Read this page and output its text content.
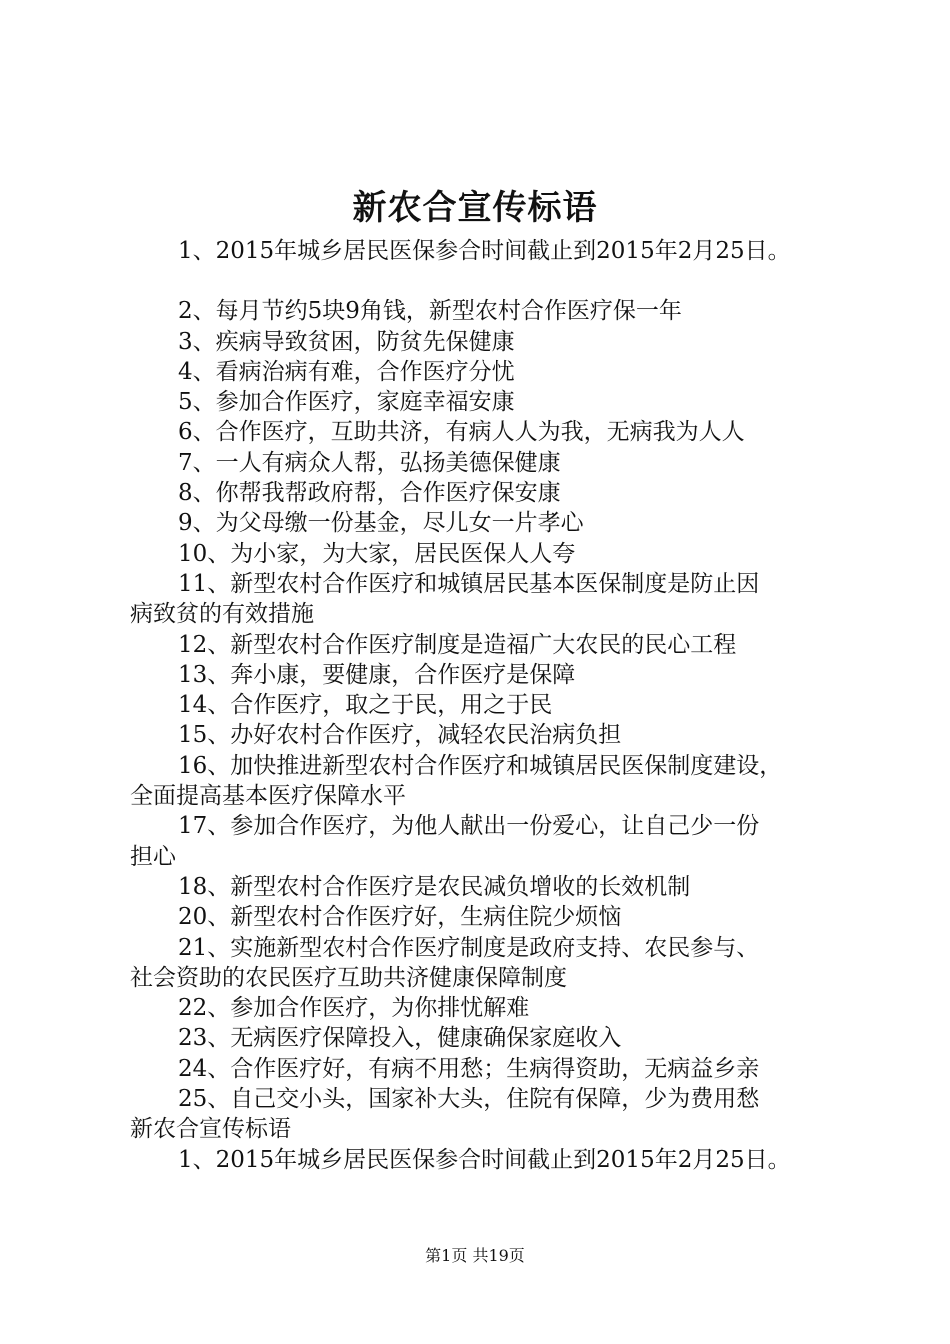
新农合宣传标语
1、2015年城乡居民医保参合时间截止到2015年2月25日。
2、每月节约5块9角钱，新型农村合作医疗保一年
3、疾病导致贫困，防贫先保健康
4、看病治病有难，合作医疗分忧
5、参加合作医疗，家庭幸福安康
6、合作医疗，互助共济，有病人人为我，无病我为人人
7、一人有病众人帮，弘扬美德保健康
8、你帮我帮政府帮，合作医疗保安康
9、为父母缴一份基金，尽儿女一片孝心
10、为小家，为大家，居民医保人人夸
11、新型农村合作医疗和城镇居民基本医保制度是防止因
病致贫的有效措施
12、新型农村合作医疗制度是造福广大农民的民心工程
13、奔小康，要健康，合作医疗是保障
14、合作医疗，取之于民，用之于民
15、办好农村合作医疗，减轻农民治病负担
16、加快推进新型农村合作医疗和城镇居民医保制度建设，
全面提高基本医疗保障水平
17、参加合作医疗，为他人献出一份爱心，让自己少一份
担心
18、新型农村合作医疗是农民减负增收的长效机制
20、新型农村合作医疗好，生病住院少烦恼
21、实施新型农村合作医疗制度是政府支持、农民参与、
社会资助的农民医疗互助共济健康保障制度
22、参加合作医疗，为你排忧解难
23、无病医疗保障投入，健康确保家庭收入
24、合作医疗好，有病不用愁；生病得资助，无病益乡亲
25、自己交小头，国家补大头，住院有保障，少为费用愁
新农合宣传标语
1、2015年城乡居民医保参合时间截止到2015年2月25日。
第1页 共19页
